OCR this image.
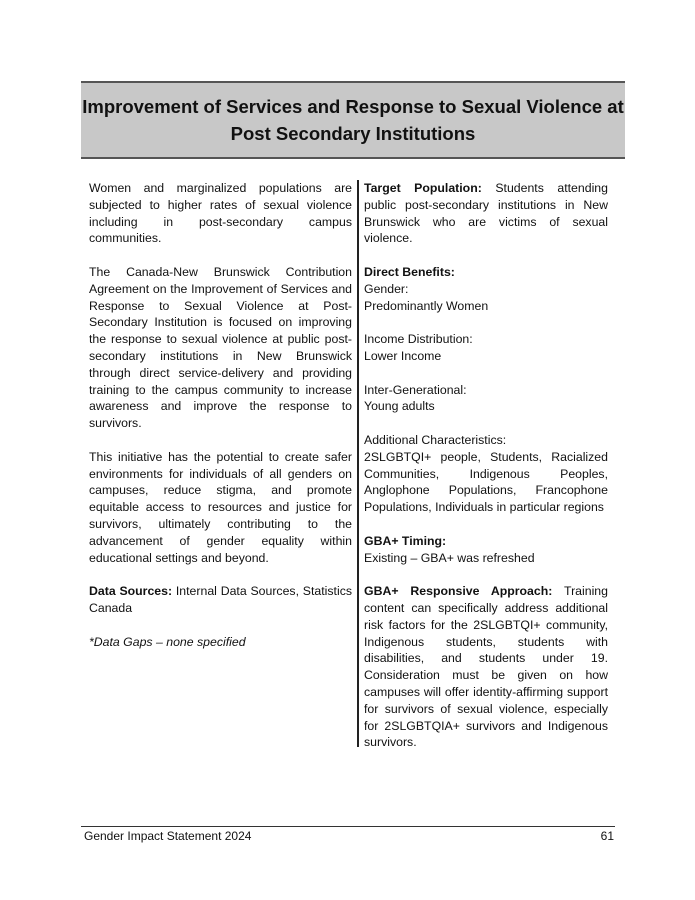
Improvement of Services and Response to Sexual Violence at
Post Secondary Institutions

Women and marginalized populations are subjected to higher rates of sexual violence including in post-secondary campus communities.

The Canada-New Brunswick Contribution Agreement on the Improvement of Services and Response to Sexual Violence at Post-Secondary Institution is focused on improving the response to sexual violence at public post-secondary institutions in New Brunswick through direct service-delivery and providing training to the campus community to increase awareness and improve the response to survivors.

This initiative has the potential to create safer environments for individuals of all genders on campuses, reduce stigma, and promote equitable access to resources and justice for survivors, ultimately contributing to the advancement of gender equality within educational settings and beyond.

Data Sources: Internal Data Sources, Statistics Canada

*Data Gaps – none specified

Target Population: Students attending public post-secondary institutions in New Brunswick who are victims of sexual violence.

Direct Benefits:
Gender:
Predominantly Women

Income Distribution:
Lower Income

Inter-Generational:
Young adults

Additional Characteristics:
2SLGBTQI+ people, Students, Racialized Communities, Indigenous Peoples, Anglophone Populations, Francophone Populations, Individuals in particular regions

GBA+ Timing:
Existing – GBA+ was refreshed

GBA+ Responsive Approach: Training content can specifically address additional risk factors for the 2SLGBTQI+ community, Indigenous students, students with disabilities, and students under 19. Consideration must be given on how campuses will offer identity-affirming support for survivors of sexual violence, especially for 2SLGBTQIA+ survivors and Indigenous survivors.

Gender Impact Statement 2024	61
